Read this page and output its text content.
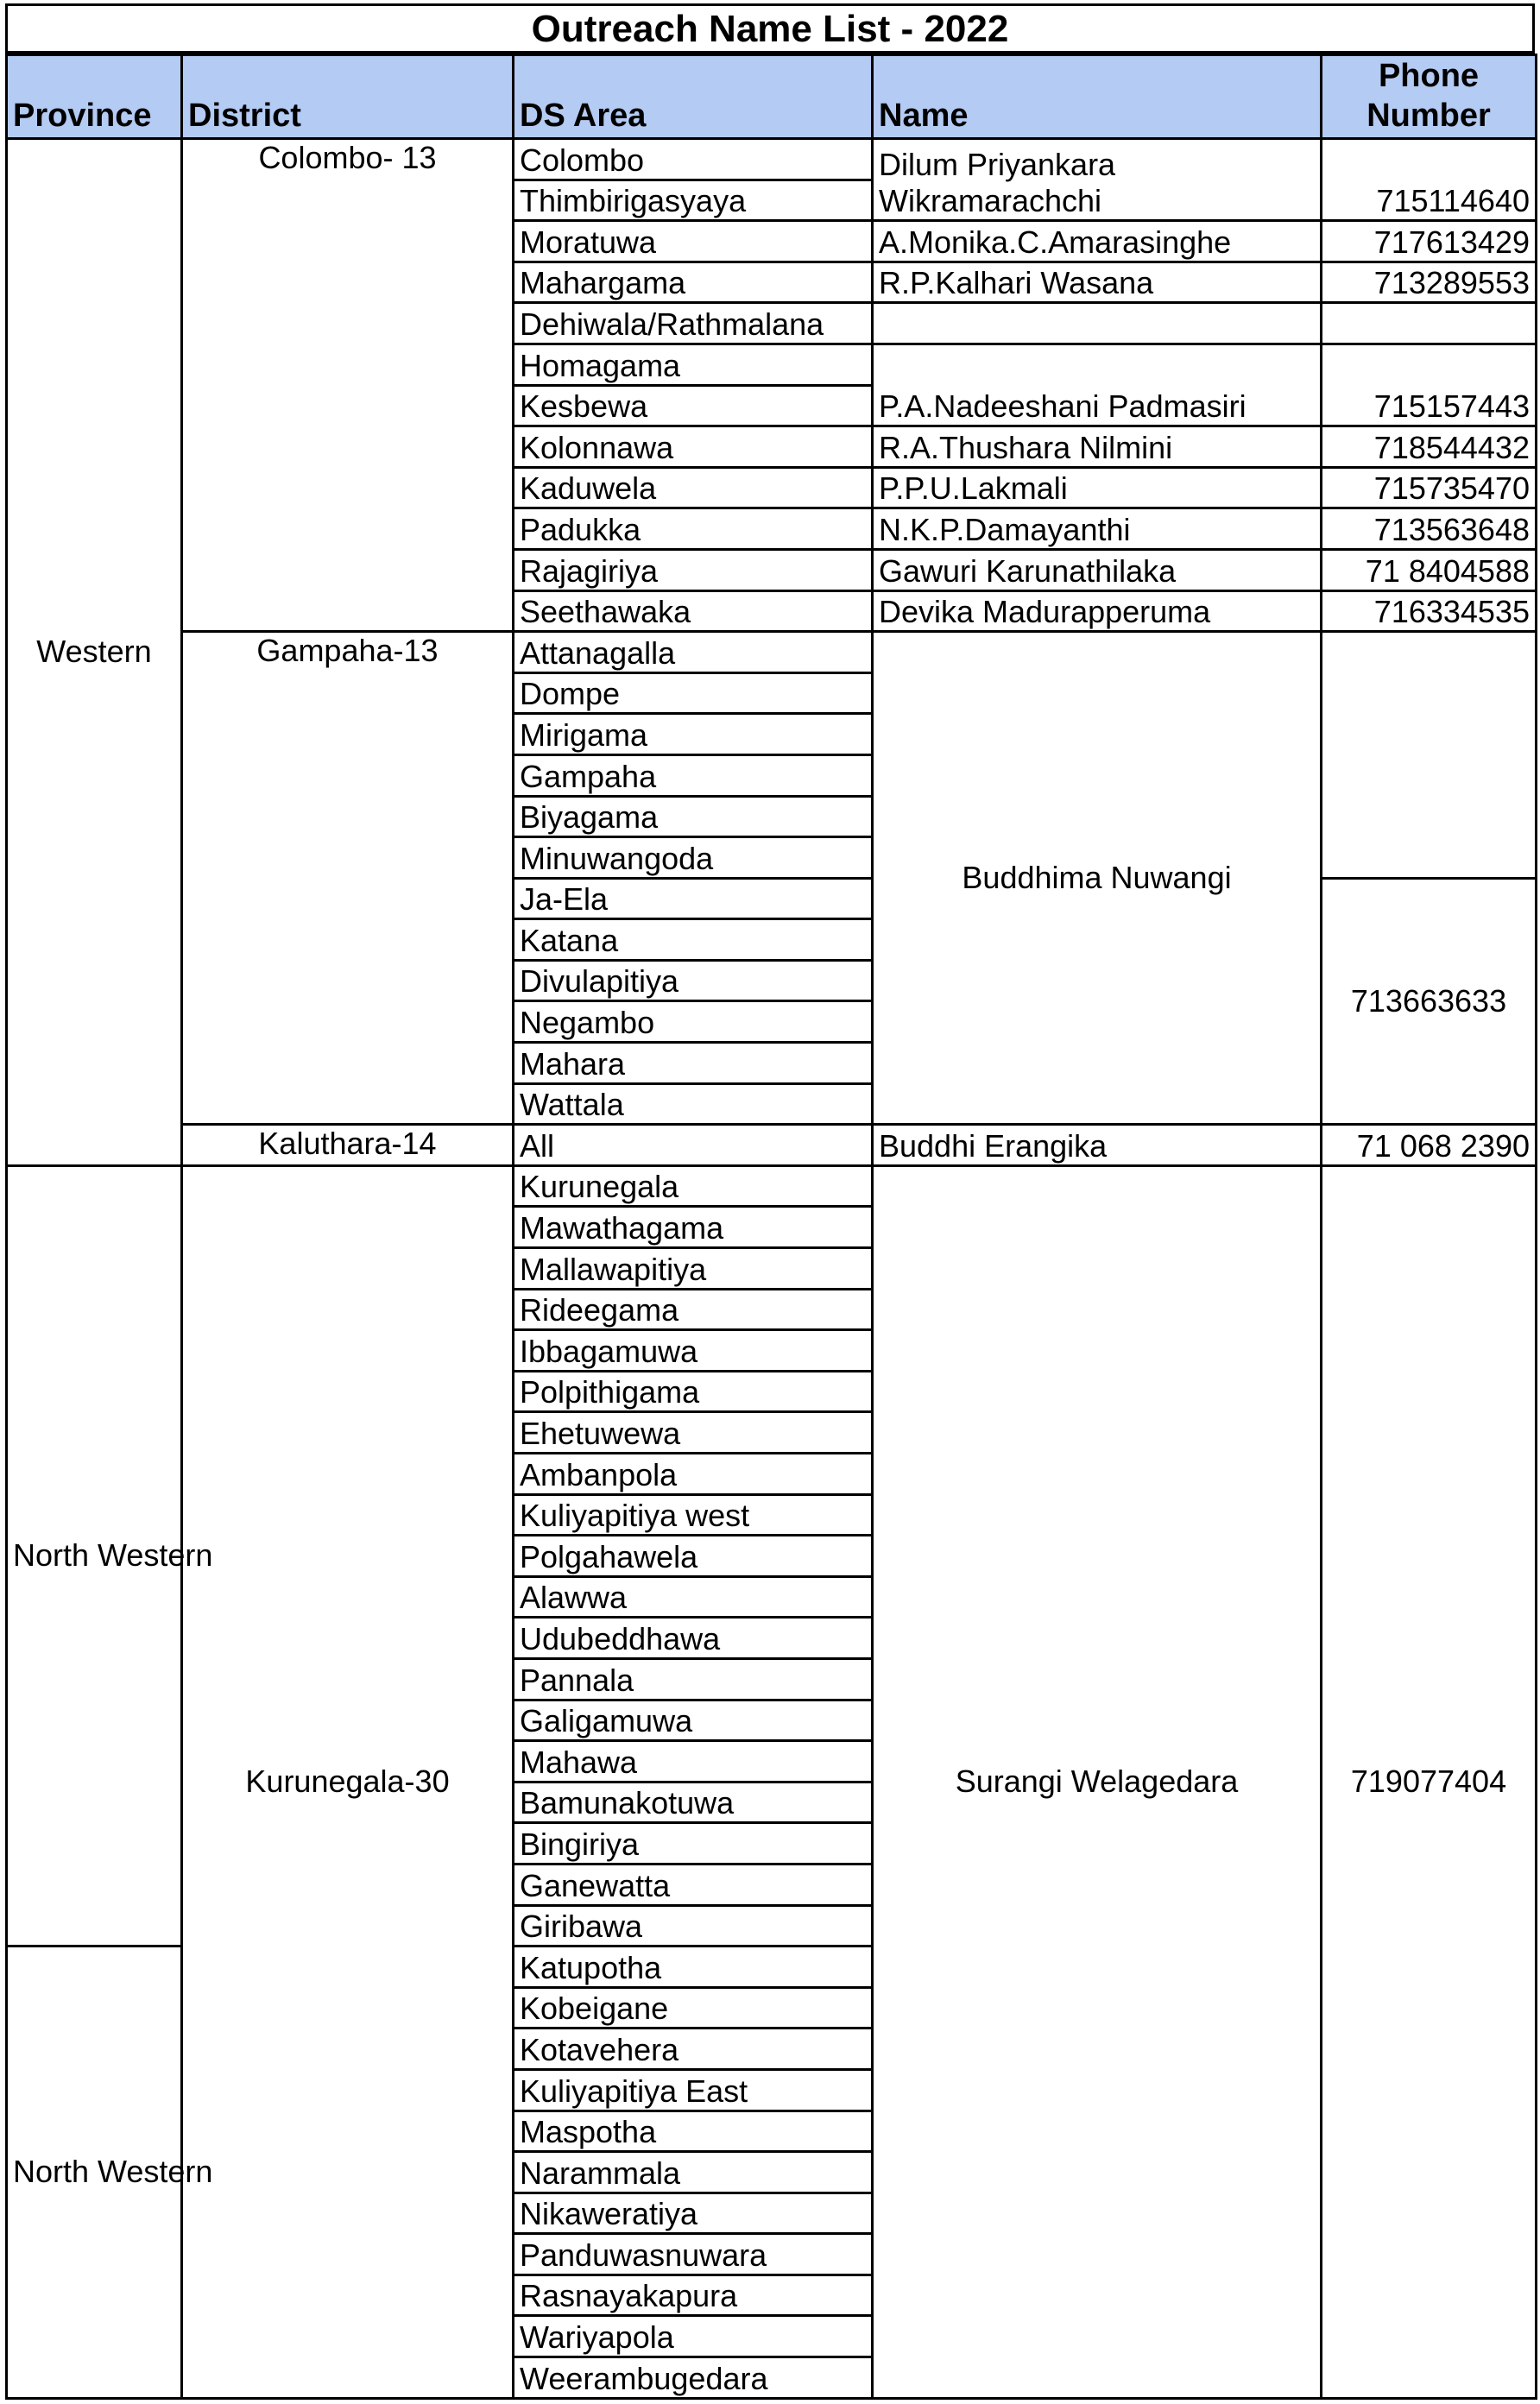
Outreach Name List - 2022
Province	District	DS Area	Name	Phone Number
Western	Colombo- 13	Colombo	Dilum Priyankara Wikramarachchi	715114640
		Thimbirigasyaya		
		Moratuwa	A.Monika.C.Amarasinghe	717613429
		Mahargama	R.P.Kalhari Wasana	713289553
		Dehiwala/Rathmalana		
		Homagama	P.A.Nadeeshani Padmasiri	715157443
		Kesbewa		
		Kolonnawa	R.A.Thushara Nilmini	718544432
		Kaduwela	P.P.U.Lakmali	715735470
		Padukka	N.K.P.Damayanthi	713563648
		Rajagiriya	Gawuri Karunathilaka	71 8404588
		Seethawaka	Devika Madurapperuma	716334535
	Gampaha-13	Attanagalla	Buddhima Nuwangi	
		Dompe		
		Mirigama		
		Gampaha		
		Biyagama		
		Minuwangoda		
		Ja-Ela		713663633
		Katana		
		Divulapitiya		
		Negambo		
		Mahara		
		Wattala		
	Kaluthara-14	All	Buddhi Erangika	71 068 2390
North Western	Kurunegala-30	Kurunegala	Surangi Welagedara	719077404
		Mawathagama		
		Mallawapitiya		
		Rideegama		
		Ibbagamuwa		
		Polpithigama		
		Ehetuwewa		
		Ambanpola		
		Kuliyapitiya west		
		Polgahawela		
		Alawwa		
		Udubeddhawa		
		Pannala		
		Galigamuwa		
		Mahawa		
		Bamunakotuwa		
		Bingiriya		
		Ganewatta		
		Giribawa		
North Western		Katupotha		
		Kobeigane		
		Kotavehera		
		Kuliyapitiya East		
		Maspotha		
		Narammala		
		Nikaweratiya		
		Panduwasnuwara		
		Rasnayakapura		
		Wariyapola		
		Weerambugedara		
